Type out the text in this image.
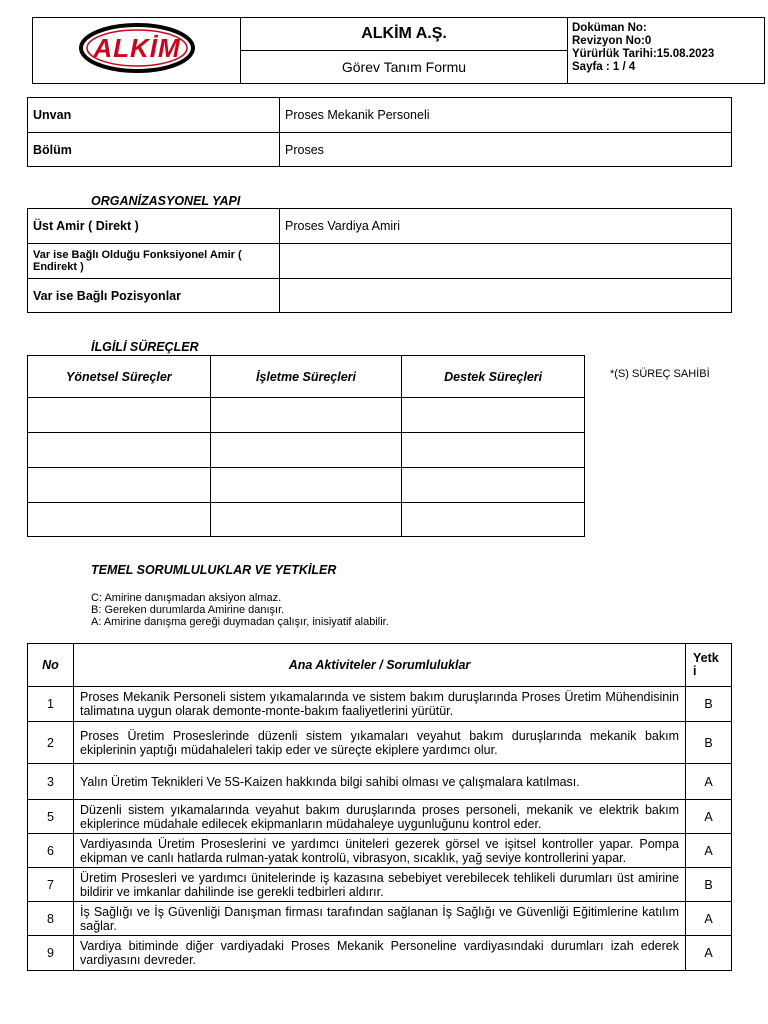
ALKİM	ALKİM A.Ş.	Doküman No:
Revizyon No:0
Yürürlük Tarihi:15.08.2023
Sayfa : 1 / 4

Görev Tanım Formu
Unvan	Proses Mekanik Personeli
Bölüm	Proses
ORGANİZASYONEL YAPI
Üst Amir ( Direkt )	Proses Vardiya Amiri
Var ise Bağlı Olduğu Fonksiyonel Amir ( Endirekt )	
Var ise Bağlı Pozisyonlar	
İLGİLİ SÜREÇLER
Yönetsel Süreçler	İşletme Süreçleri	Destek Süreçleri

			*(S) SÜREÇ SAHİBİ
TEMEL SORUMLULUKLAR VE YETKİLER
C: Amirine danışmadan aksiyon almaz.
B: Gereken durumlarda Amirine danışır.
A: Amirine danışma gereği duymadan çalışır, inisiyatif alabilir.
No	Ana Aktiviteler / Sorumluluklar	Yetk
i
1	Proses Mekanik Personeli sistem yıkamalarında ve sistem bakım duruşlarında Proses Üretim Mühendisinin talimatına uygun olarak demonte-monte-bakım faaliyetlerini yürütür.	B
2	Proses Üretim Proseslerinde düzenli sistem yıkamaları veyahut bakım duruşlarında mekanik bakım ekiplerinin yaptığı müdahaleleri takip eder ve süreçte ekiplere yardımcı olur.	B
3	Yalın Üretim Teknikleri Ve 5S-Kaizen hakkında bilgi sahibi olması ve çalışmalara katılması.	A
5	Düzenli sistem yıkamalarında veyahut bakım duruşlarında proses personeli, mekanik ve elektrik bakım ekiplerince müdahale edilecek ekipmanların müdahaleye uygunluğunu kontrol eder.	A
6	Vardiyasında Üretim Proseslerini ve yardımcı üniteleri gezerek görsel ve işitsel kontroller yapar. Pompa ekipman ve canlı hatlarda rulman-yatak kontrolü, vibrasyon, sıcaklık, yağ seviye kontrollerini yapar.	A
7	Üretim Prosesleri ve yardımcı ünitelerinde iş kazasına sebebiyet verebilecek tehlikeli durumları üst amirine bildirir ve imkanlar dahilinde ise gerekli tedbirleri aldırır.	B
8	İş Sağlığı ve İş Güvenliği Danışman firması tarafından sağlanan İş Sağlığı ve Güvenliği Eğitimlerine katılım sağlar.	A
9	Vardiya bitiminde diğer vardiyadaki Proses Mekanik Personeline vardiyasındaki durumları izah ederek vardiyasını devreder.	A
